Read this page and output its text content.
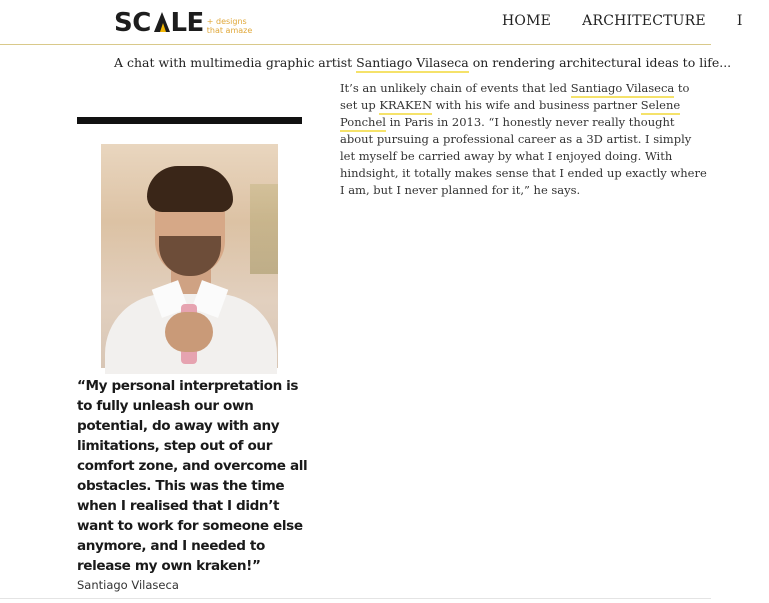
SC LE + designs
that amaze
HOME ARCHITECTURE I
A chat with multimedia graphic artist Santiago Vilaseca on rendering architectural ideas to life...
“My personal interpretation is to fully unleash our own potential, do away with any limitations, step out of our comfort zone, and overcome all obstacles. This was the time when I realised that I didn’t want to work for someone else anymore, and I needed to release my own kraken!”
Santiago Vilaseca
It’s an unlikely chain of events that led Santiago Vilaseca to set up KRAKEN with his wife and business partner Selene Ponchel in Paris in 2013. “I honestly never really thought about pursuing a professional career as a 3D artist. I simply let myself be carried away by what I enjoyed doing. With hindsight, it totally makes sense that I ended up exactly where I am, but I never planned for it,” he says.
